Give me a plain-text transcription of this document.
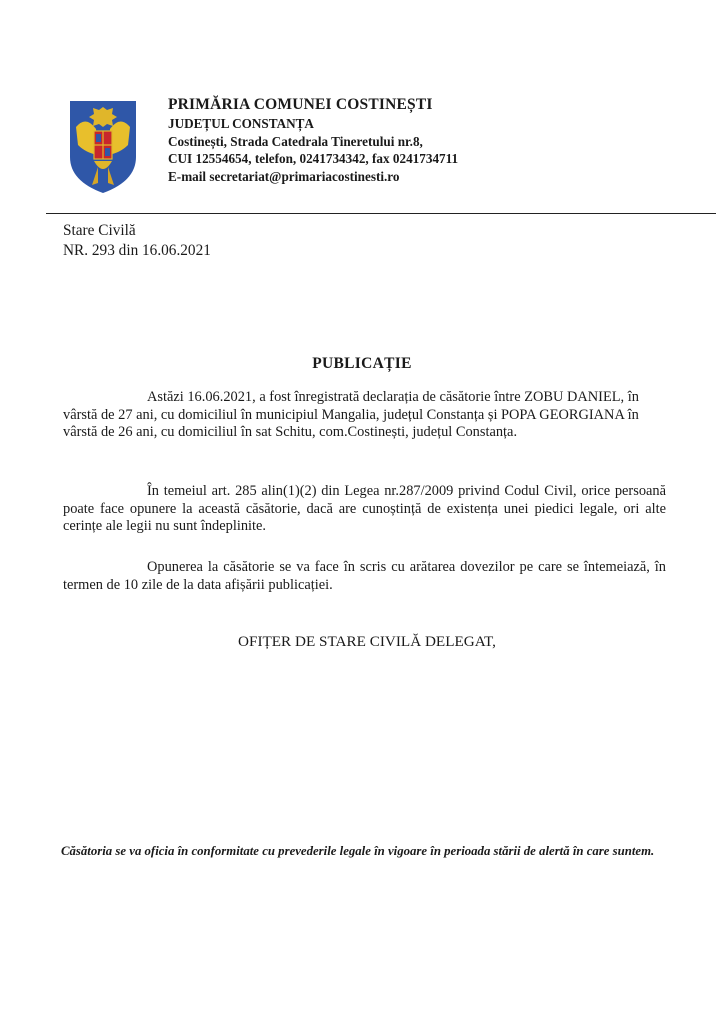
PRIMĂRIA COMUNEI COSTINEȘTI
JUDEȚUL CONSTANȚA
Costinești, Strada Catedrala Tineretului nr.8,
CUI 12554654, telefon, 0241734342, fax 0241734711
E-mail secretariat@primariacostinesti.ro
Stare Civilă
NR. 293 din 16.06.2021
PUBLICAȚIE
Astăzi 16.06.2021, a fost înregistrată declarația de căsătorie între ZOBU DANIEL, în vârstă de 27 ani, cu domiciliul în municipiul Mangalia, județul Constanța și POPA GEORGIANA în vârstă de 26 ani, cu domiciliul în sat Schitu, com.Costinești, județul Constanța.
În temeiul art. 285 alin(1)(2) din Legea nr.287/2009 privind Codul Civil, orice persoană poate face opunere la această căsătorie, dacă are cunoștință de existența unei piedici legale, ori alte cerințe ale legii nu sunt îndeplinite.
Opunerea la căsătorie se va face în scris cu arătarea dovezilor pe care se întemeiază, în termen de 10 zile de la data afișării publicației.
OFIȚER DE STARE CIVILĂ DELEGAT,
Căsătoria se va oficia în conformitate cu prevederile legale în vigoare în perioada stării de alertă în care suntem.
